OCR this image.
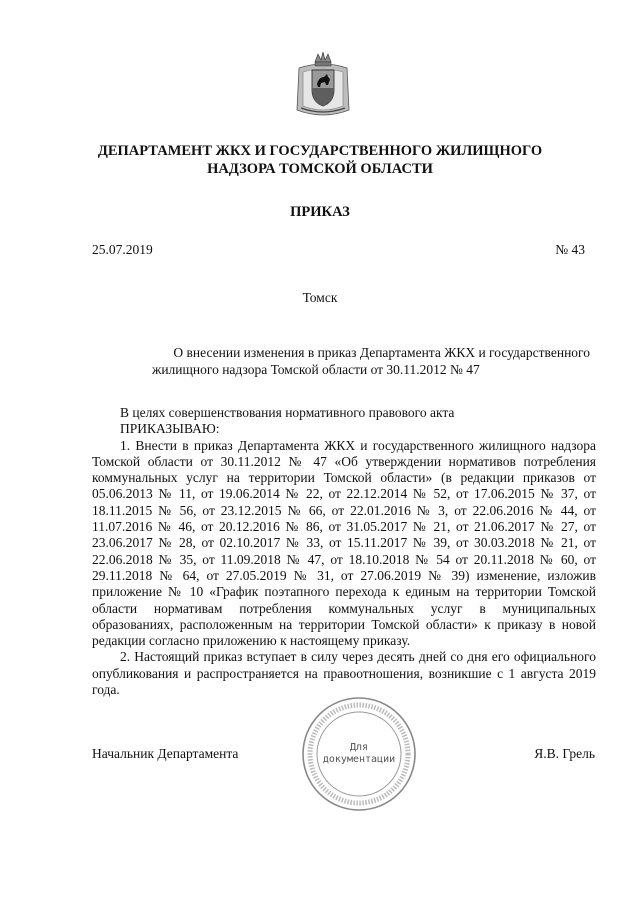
ДЕПАРТАМЕНТ ЖКХ И ГОСУДАРСТВЕННОГО ЖИЛИЩНОГО
НАДЗОРА ТОМСКОЙ ОБЛАСТИ
ПРИКАЗ
25.07.2019	№ 43
Томск
О внесении изменения в приказ Департамента ЖКХ и государственного
жилищного надзора Томской области от 30.11.2012 № 47

В целях совершенствования нормативного правового акта

ПРИКАЗЫВАЮ:

1. Внести в приказ Департамента ЖКХ и государственного жилищного надзора Томской области от 30.11.2012 № 47 «Об утверждении нормативов потребления коммунальных услуг на территории Томской области» (в редакции приказов от 05.06.2013 № 11, от 19.06.2014 № 22, от 22.12.2014 № 52, от 17.06.2015 № 37, от 18.11.2015 № 56, от 23.12.2015 № 66, от 22.01.2016 № 3, от 22.06.2016 № 44, от 11.07.2016 № 46, от 20.12.2016 № 86, от 31.05.2017 № 21, от 21.06.2017 № 27, от 23.06.2017 № 28, от 02.10.2017 № 33, от 15.11.2017 № 39, от 30.03.2018 № 21, от 22.06.2018 № 35, от 11.09.2018 № 47, от 18.10.2018 № 54 от 20.11.2018 № 60, от 29.11.2018 № 64, от 27.05.2019 № 31, от 27.06.2019 № 39) изменение, изложив приложение № 10 «График поэтапного перехода к единым на территории Томской области нормативам потребления коммунальных услуг в муниципальных образованиях, расположенным на территории Томской области» к приказу в новой редакции согласно приложению к настоящему приказу.

2. Настоящий приказ вступает в силу через десять дней со дня его официального опубликования и распространяется на правоотношения, возникшие с 1 августа 2019 года.

Для
документации
Начальник Департамента	Я.В. Грель
